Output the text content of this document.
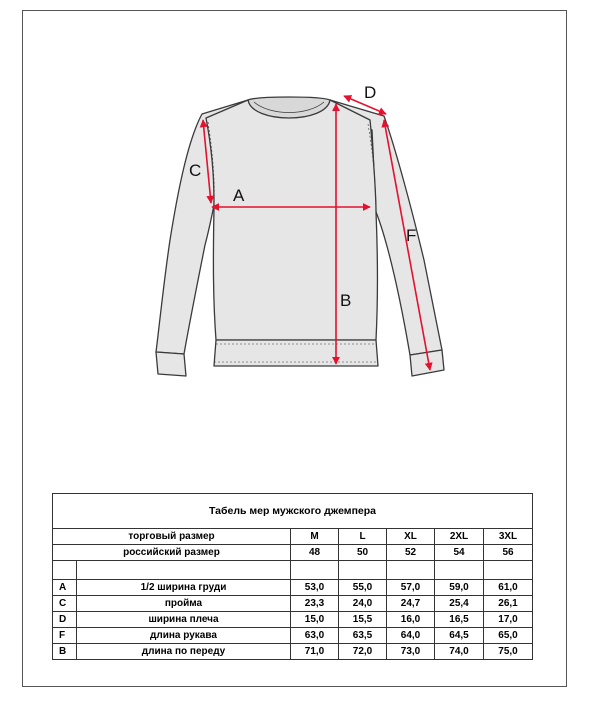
A
B
C
D
F
Табель мер мужского джемпера						
торговый размер		M	L	XL	2XL	3XL
российский размер		48	50	52	54	56

A	1/2 ширина груди	53,0	55,0	57,0	59,0	61,0
C	пройма	23,3	24,0	24,7	25,4	26,1
D	ширина плеча	15,0	15,5	16,0	16,5	17,0
F	длина рукава	63,0	63,5	64,0	64,5	65,0
B	длина по переду	71,0	72,0	73,0	74,0	75,0
